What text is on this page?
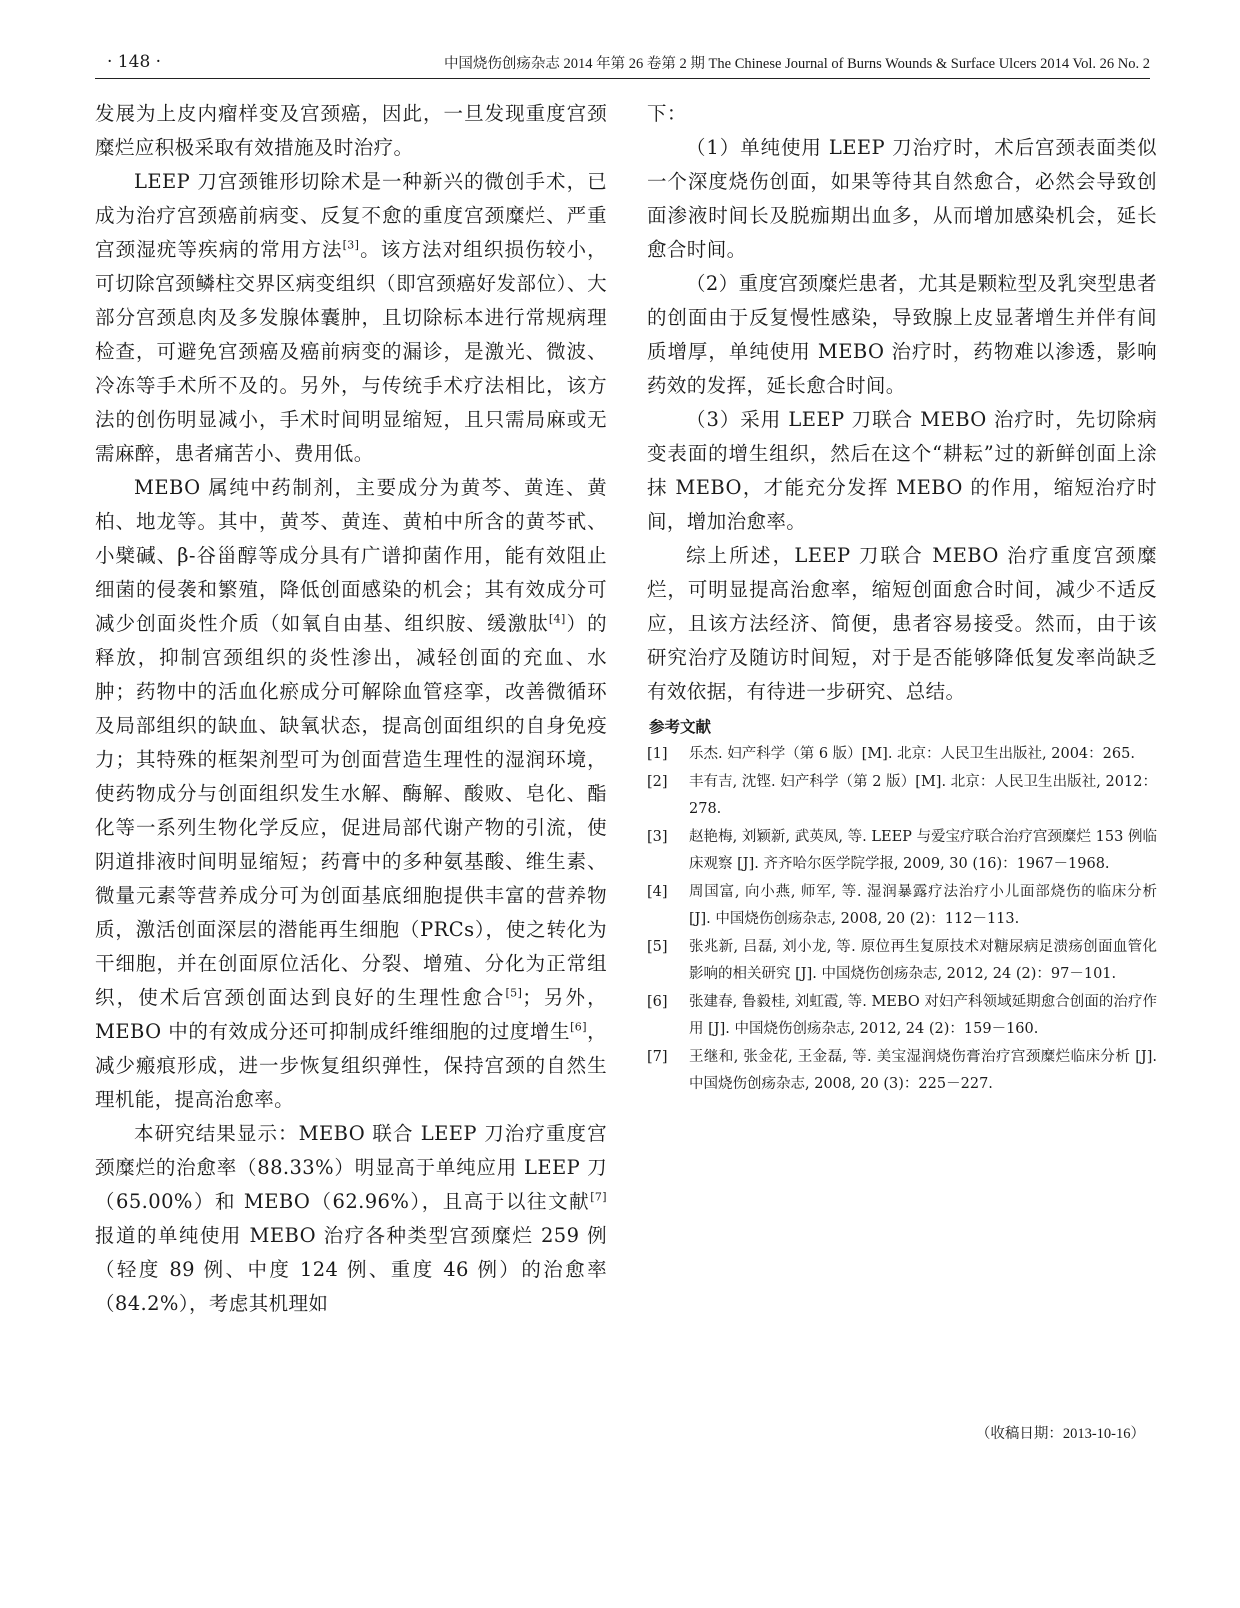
· 148 ·	中国烧伤创疡杂志 2014 年第 26 卷第 2 期 The Chinese Journal of Burns Wounds & Surface Ulcers 2014 Vol. 26 No. 2

发展为上皮内瘤样变及宫颈癌，因此，一旦发现重度宫颈糜烂应积极采取有效措施及时治疗。

LEEP 刀宫颈锥形切除术是一种新兴的微创手术，已成为治疗宫颈癌前病变、反复不愈的重度宫颈糜烂、严重宫颈湿疣等疾病的常用方法[3]。该方法对组织损伤较小，可切除宫颈鳞柱交界区病变组织（即宫颈癌好发部位）、大部分宫颈息肉及多发腺体囊肿，且切除标本进行常规病理检查，可避免宫颈癌及癌前病变的漏诊，是激光、微波、冷冻等手术所不及的。另外，与传统手术疗法相比，该方法的创伤明显减小，手术时间明显缩短，且只需局麻或无需麻醉，患者痛苦小、费用低。

MEBO 属纯中药制剂，主要成分为黄芩、黄连、黄柏、地龙等。其中，黄芩、黄连、黄柏中所含的黄芩甙、小檗碱、β-谷甾醇等成分具有广谱抑菌作用，能有效阻止细菌的侵袭和繁殖，降低创面感染的机会；其有效成分可减少创面炎性介质（如氧自由基、组织胺、缓激肽[4]）的释放，抑制宫颈组织的炎性渗出，减轻创面的充血、水肿；药物中的活血化瘀成分可解除血管痉挛，改善微循环及局部组织的缺血、缺氧状态，提高创面组织的自身免疫力；其特殊的框架剂型可为创面营造生理性的湿润环境，使药物成分与创面组织发生水解、酶解、酸败、皂化、酯化等一系列生物化学反应，促进局部代谢产物的引流，使阴道排液时间明显缩短；药膏中的多种氨基酸、维生素、微量元素等营养成分可为创面基底细胞提供丰富的营养物质，激活创面深层的潜能再生细胞（PRCs），使之转化为干细胞，并在创面原位活化、分裂、增殖、分化为正常组织，使术后宫颈创面达到良好的生理性愈合[5]；另外，MEBO 中的有效成分还可抑制成纤维细胞的过度增生[6]，减少瘢痕形成，进一步恢复组织弹性，保持宫颈的自然生理机能，提高治愈率。

本研究结果显示：MEBO 联合 LEEP 刀治疗重度宫颈糜烂的治愈率（88.33%）明显高于单纯应用 LEEP 刀（65.00%）和 MEBO（62.96%），且高于以往文献[7]报道的单纯使用 MEBO 治疗各种类型宫颈糜烂 259 例（轻度 89 例、中度 124 例、重度 46 例）的治愈率（84.2%），考虑其机理如

下：

（1）单纯使用 LEEP 刀治疗时，术后宫颈表面类似一个深度烧伤创面，如果等待其自然愈合，必然会导致创面渗液时间长及脱痂期出血多，从而增加感染机会，延长愈合时间。

（2）重度宫颈糜烂患者，尤其是颗粒型及乳突型患者的创面由于反复慢性感染，导致腺上皮显著增生并伴有间质增厚，单纯使用 MEBO 治疗时，药物难以渗透，影响药效的发挥，延长愈合时间。

（3）采用 LEEP 刀联合 MEBO 治疗时，先切除病变表面的增生组织，然后在这个“耕耘”过的新鲜创面上涂抹 MEBO，才能充分发挥 MEBO 的作用，缩短治疗时间，增加治愈率。

综上所述，LEEP 刀联合 MEBO 治疗重度宫颈糜烂，可明显提高治愈率，缩短创面愈合时间，减少不适反应，且该方法经济、简便，患者容易接受。然而，由于该研究治疗及随访时间短，对于是否能够降低复发率尚缺乏有效依据，有待进一步研究、总结。

参考文献
[1] 乐杰. 妇产科学（第 6 版）[M]. 北京：人民卫生出版社, 2004：265.
[2] 丰有吉, 沈铿. 妇产科学（第 2 版）[M]. 北京：人民卫生出版社, 2012：278.
[3] 赵艳梅, 刘颖新, 武英凤, 等. LEEP 与爱宝疗联合治疗宫颈糜烂 153 例临床观察 [J]. 齐齐哈尔医学院学报, 2009, 30 (16)：1967－1968.
[4] 周国富, 向小燕, 师军, 等. 湿润暴露疗法治疗小儿面部烧伤的临床分析 [J]. 中国烧伤创疡杂志, 2008, 20 (2)：112－113.
[5] 张兆新, 吕磊, 刘小龙, 等. 原位再生复原技术对糖尿病足溃疡创面血管化影响的相关研究 [J]. 中国烧伤创疡杂志, 2012, 24 (2)：97－101.
[6] 张建春, 鲁毅桂, 刘虹霞, 等. MEBO 对妇产科领域延期愈合创面的治疗作用 [J]. 中国烧伤创疡杂志, 2012, 24 (2)：159－160.
[7] 王继和, 张金花, 王金磊, 等. 美宝湿润烧伤膏治疗宫颈糜烂临床分析 [J]. 中国烧伤创疡杂志, 2008, 20 (3)：225－227.
（收稿日期：2013-10-16）
